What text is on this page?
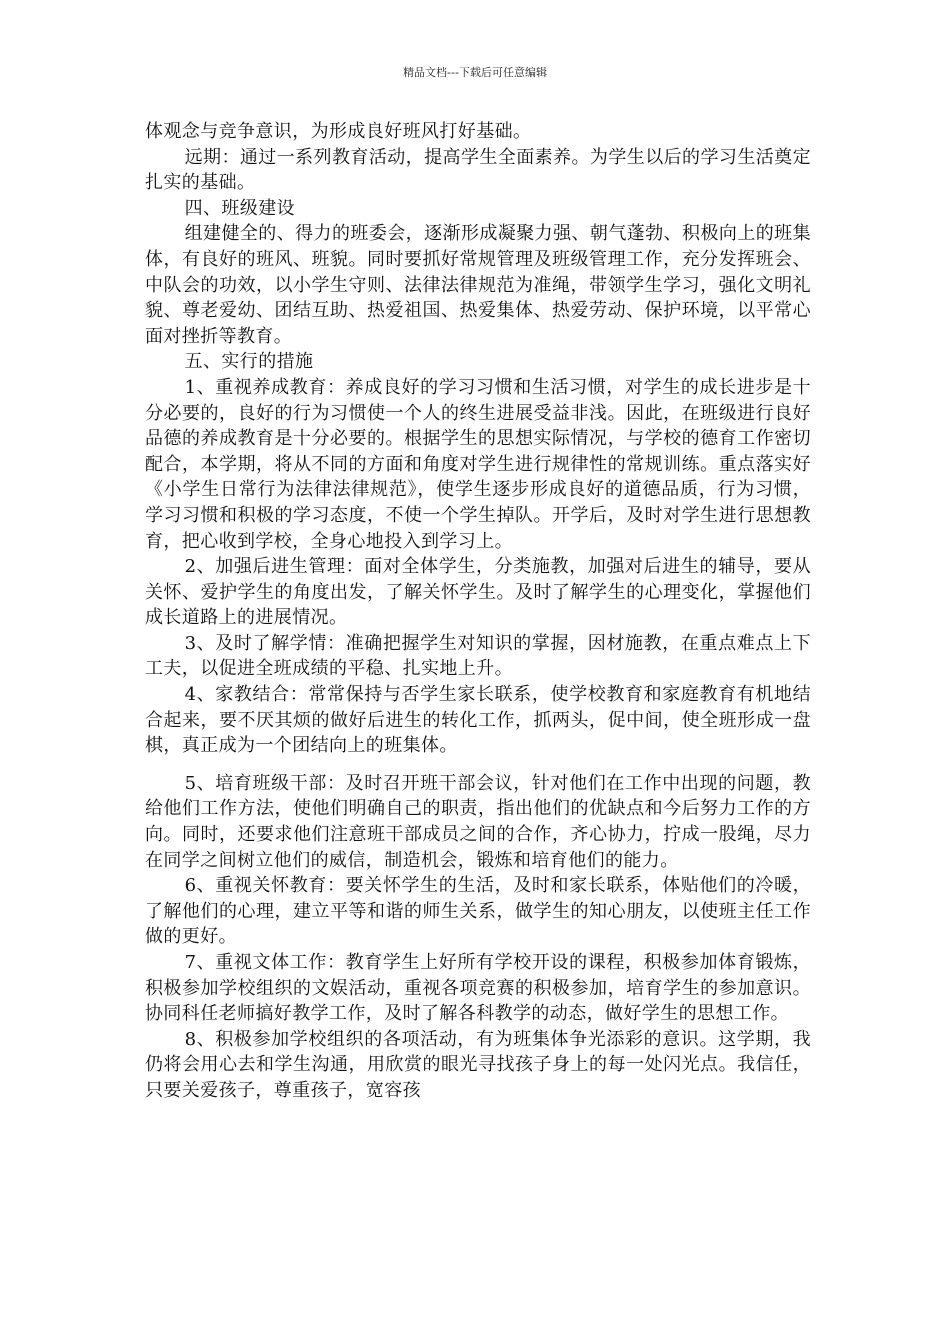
精品文档---下载后可任意编辑

体观念与竞争意识，为形成良好班风打好基础。

远期：通过一系列教育活动，提高学生全面素养。为学生以后的学习生活奠定扎实的基础。

四、班级建设

组建健全的、得力的班委会，逐渐形成凝聚力强、朝气蓬勃、积极向上的班集体，有良好的班风、班貌。同时要抓好常规管理及班级管理工作，充分发挥班会、中队会的功效，以小学生守则、法律法律规范为准绳，带领学生学习，强化文明礼貌、尊老爱幼、团结互助、热爱祖国、热爱集体、热爱劳动、保护环境，以平常心面对挫折等教育。

五、实行的措施

1、重视养成教育：养成良好的学习习惯和生活习惯，对学生的成长进步是十分必要的，良好的行为习惯使一个人的终生进展受益非浅。因此，在班级进行良好品德的养成教育是十分必要的。根据学生的思想实际情况，与学校的德育工作密切配合，本学期，将从不同的方面和角度对学生进行规律性的常规训练。重点落实好《小学生日常行为法律法律规范》，使学生逐步形成良好的道德品质，行为习惯，学习习惯和积极的学习态度，不使一个学生掉队。开学后，及时对学生进行思想教育，把心收到学校，全身心地投入到学习上。

2、加强后进生管理：面对全体学生，分类施教，加强对后进生的辅导，要从关怀、爱护学生的角度出发，了解关怀学生。及时了解学生的心理变化，掌握他们成长道路上的进展情况。

3、及时了解学情：准确把握学生对知识的掌握，因材施教，在重点难点上下工夫，以促进全班成绩的平稳、扎实地上升。

4、家教结合：常常保持与否学生家长联系，使学校教育和家庭教育有机地结合起来，要不厌其烦的做好后进生的转化工作，抓两头，促中间，使全班形成一盘棋，真正成为一个团结向上的班集体。

5、培育班级干部：及时召开班干部会议，针对他们在工作中出现的问题，教给他们工作方法，使他们明确自己的职责，指出他们的优缺点和今后努力工作的方向。同时，还要求他们注意班干部成员之间的合作，齐心协力，拧成一股绳，尽力在同学之间树立他们的威信，制造机会，锻炼和培育他们的能力。

6、重视关怀教育：要关怀学生的生活，及时和家长联系，体贴他们的冷暖，了解他们的心理，建立平等和谐的师生关系，做学生的知心朋友，以使班主任工作做的更好。

7、重视文体工作：教育学生上好所有学校开设的课程，积极参加体育锻炼，积极参加学校组织的文娱活动，重视各项竞赛的积极参加，培育学生的参加意识。协同科任老师搞好教学工作，及时了解各科教学的动态，做好学生的思想工作。

8、积极参加学校组织的各项活动，有为班集体争光添彩的意识。这学期，我仍将会用心去和学生沟通，用欣赏的眼光寻找孩子身上的每一处闪光点。我信任，只要关爱孩子，尊重孩子，宽容孩
